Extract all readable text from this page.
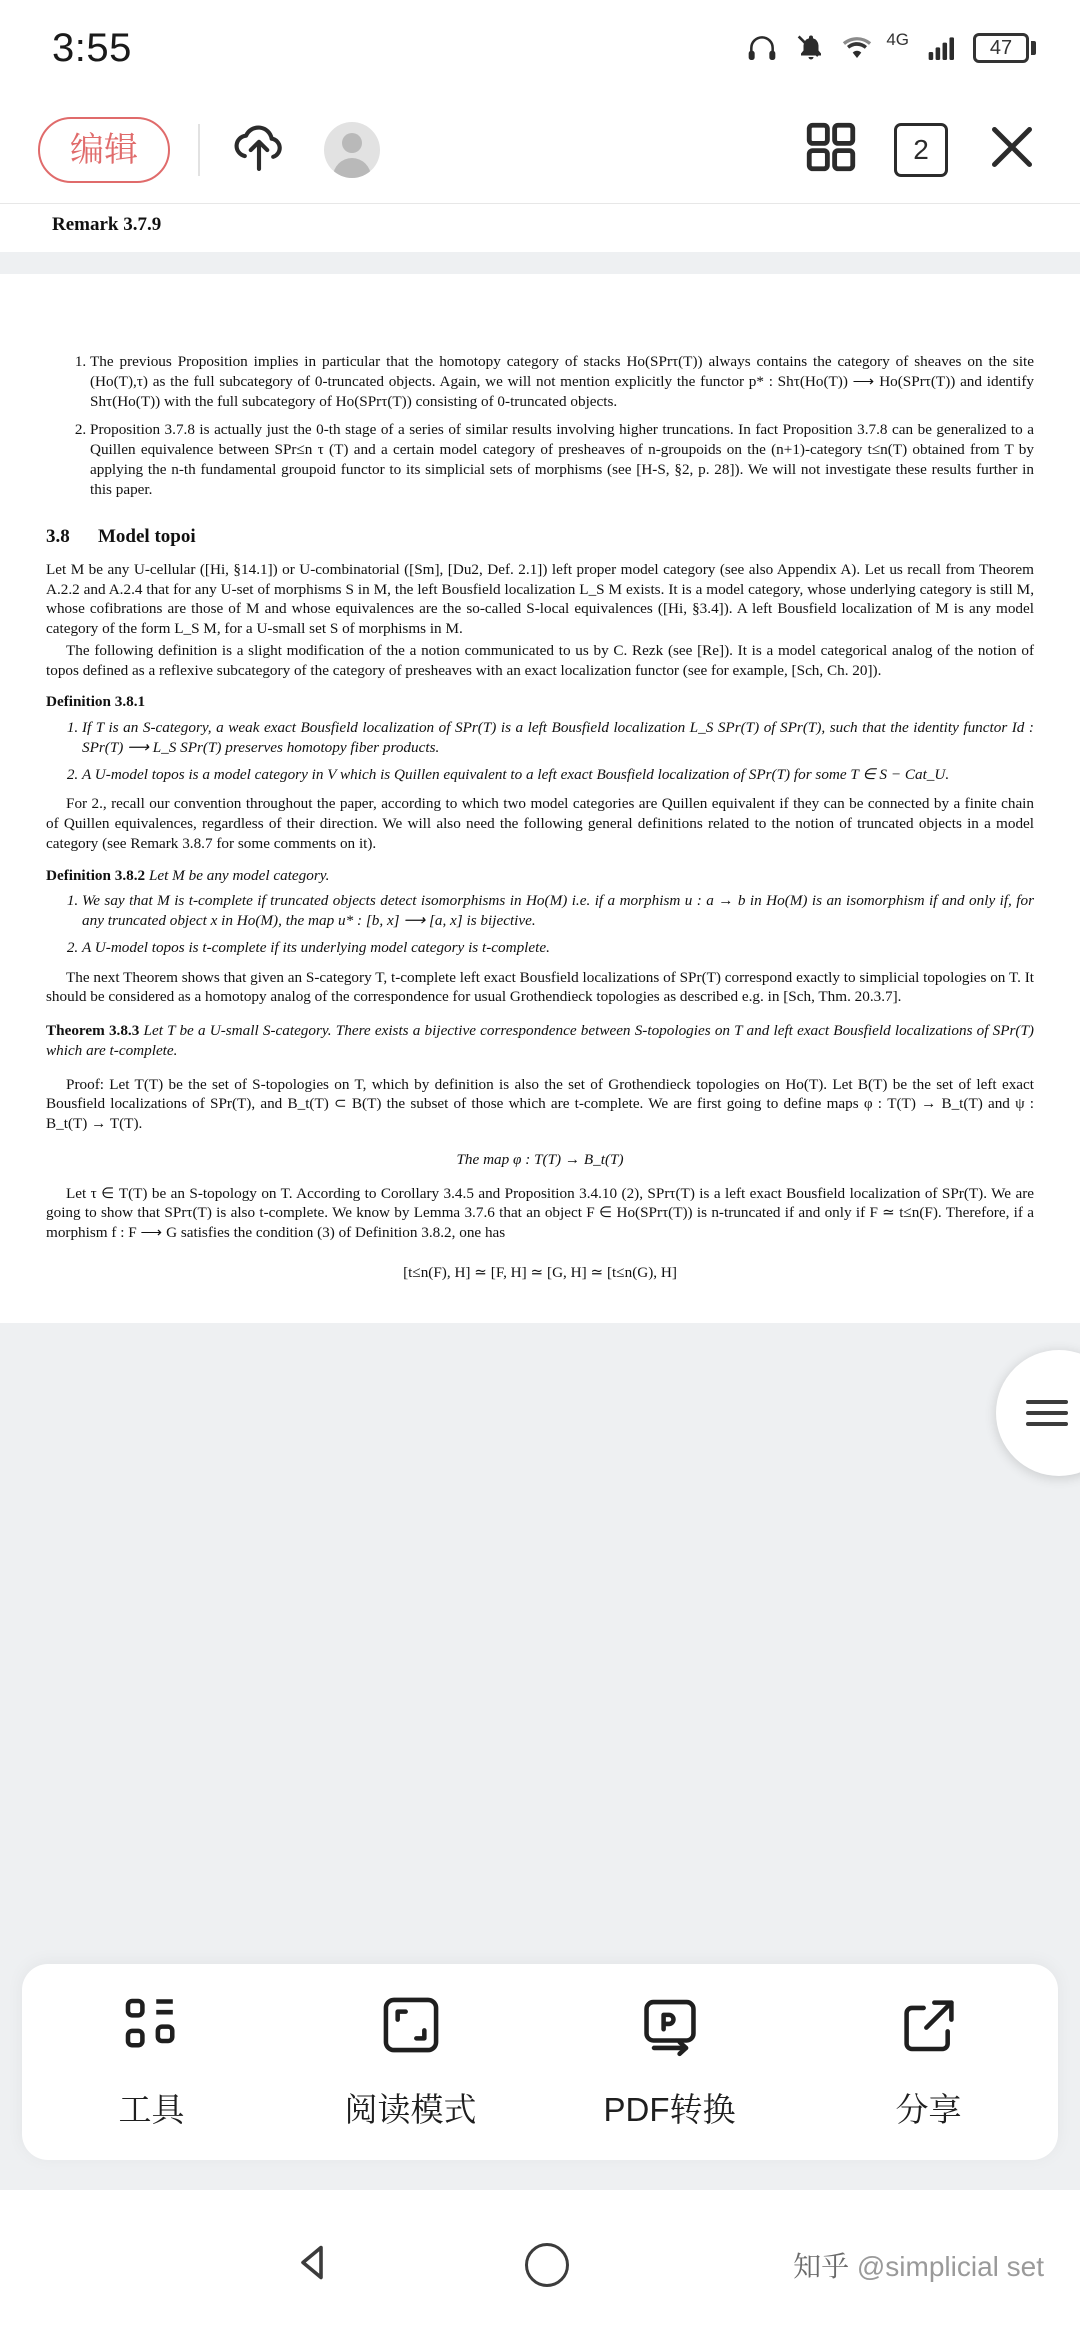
3:55	4G	47
编辑	2
Remark 3.7.9
1. The previous Proposition implies in particular that the homotopy category of stacks Ho(SPrτ(T)) always contains the category of sheaves on the site (Ho(T),τ) as the full subcategory of 0-truncated objects. Again, we will not mention explicitly the functor p* : Shτ(Ho(T)) ⟶ Ho(SPrτ(T)) and identify Shτ(Ho(T)) with the full subcategory of Ho(SPrτ(T)) consisting of 0-truncated objects.
2. Proposition 3.7.8 is actually just the 0-th stage of a series of similar results involving higher truncations. In fact Proposition 3.7.8 can be generalized to a Quillen equivalence between SPr≤n τ (T) and a certain model category of presheaves of n-groupoids on the (n+1)-category t≤n(T) obtained from T by applying the n-th fundamental groupoid functor to its simplicial sets of morphisms (see [H-S, §2, p. 28]). We will not investigate these results further in this paper.
3.8 Model topoi

Let M be any U-cellular ([Hi, §14.1]) or U-combinatorial ([Sm], [Du2, Def. 2.1]) left proper model category (see also Appendix A). Let us recall from Theorem A.2.2 and A.2.4 that for any U-set of morphisms S in M, the left Bousfield localization L_S M exists. It is a model category, whose underlying category is still M, whose cofibrations are those of M and whose equivalences are the so-called S-local equivalences ([Hi, §3.4]). A left Bousfield localization of M is any model category of the form L_S M, for a U-small set S of morphisms in M.

The following definition is a slight modification of the a notion communicated to us by C. Rezk (see [Re]). It is a model categorical analog of the notion of topos defined as a reflexive subcategory of the category of presheaves with an exact localization functor (see for example, [Sch, Ch. 20]).

Definition 3.8.1

1. If T is an S-category, a weak exact Bousfield localization of SPr(T) is a left Bousfield localization L_S SPr(T) of SPr(T), such that the identity functor Id : SPr(T) ⟶ L_S SPr(T) preserves homotopy fiber products.
2. A U-model topos is a model category in V which is Quillen equivalent to a left exact Bousfield localization of SPr(T) for some T ∈ S − Cat_U.

For 2., recall our convention throughout the paper, according to which two model categories are Quillen equivalent if they can be connected by a finite chain of Quillen equivalences, regardless of their direction. We will also need the following general definitions related to the notion of truncated objects in a model category (see Remark 3.8.7 for some comments on it).

Definition 3.8.2 Let M be any model category.

1. We say that M is t-complete if truncated objects detect isomorphisms in Ho(M) i.e. if a morphism u : a → b in Ho(M) is an isomorphism if and only if, for any truncated object x in Ho(M), the map u* : [b, x] ⟶ [a, x] is bijective.
2. A U-model topos is t-complete if its underlying model category is t-complete.

The next Theorem shows that given an S-category T, t-complete left exact Bousfield localizations of SPr(T) correspond exactly to simplicial topologies on T. It should be considered as a homotopy analog of the correspondence for usual Grothendieck topologies as described e.g. in [Sch, Thm. 20.3.7].

Theorem 3.8.3 Let T be a U-small S-category. There exists a bijective correspondence between S-topologies on T and left exact Bousfield localizations of SPr(T) which are t-complete.

Proof: Let T(T) be the set of S-topologies on T, which by definition is also the set of Grothendieck topologies on Ho(T). Let B(T) be the set of left exact Bousfield localizations of SPr(T), and B_t(T) ⊂ B(T) the subset of those which are t-complete. We are first going to define maps φ : T(T) → B_t(T) and ψ : B_t(T) → T(T).

The map φ : T(T) → B_t(T)

Let τ ∈ T(T) be an S-topology on T. According to Corollary 3.4.5 and Proposition 3.4.10 (2), SPrτ(T) is a left exact Bousfield localization of SPr(T). We are going to show that SPrτ(T) is also t-complete. We know by Lemma 3.7.6 that an object F ∈ Ho(SPrτ(T)) is n-truncated if and only if F ≃ t≤n(F). Therefore, if a morphism f : F ⟶ G satisfies the condition (3) of Definition 3.8.2, one has

[t≤n(F), H] ≃ [F, H] ≃ [G, H] ≃ [t≤n(G), H]
工具	阅读模式	PDF转换	分享
知乎 @simplicial set
